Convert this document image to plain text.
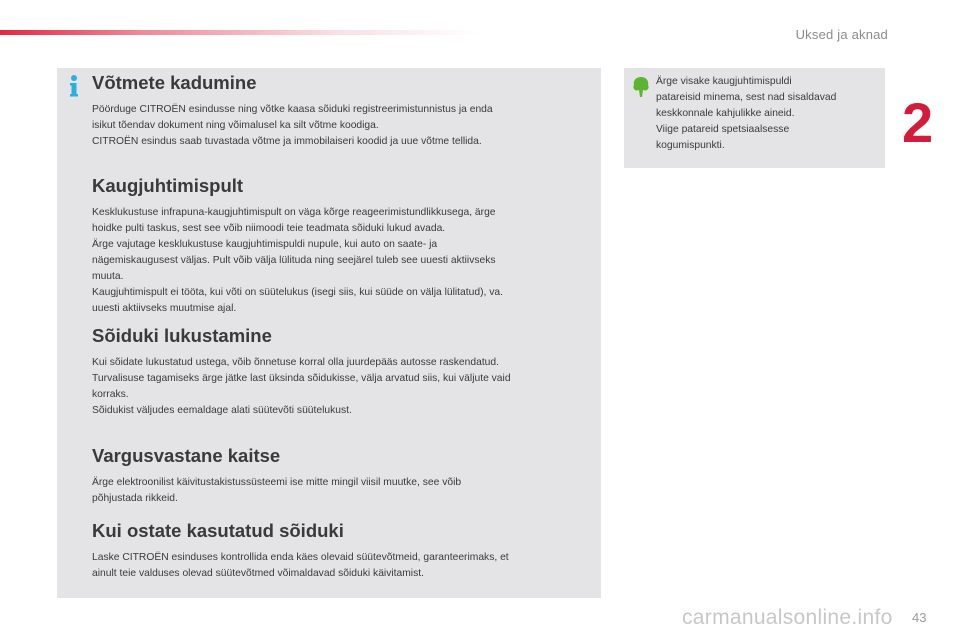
Uksed ja aknad
2
Võtmete kadumine

Pöörduge CITROËN esindusse ning võtke kaasa sõiduki registreerimistunnistus ja enda
isikut tõendav dokument ning võimalusel ka silt võtme koodiga.
CITROËN esindus saab tuvastada võtme ja immobilaiseri koodid ja uue võtme tellida.

Kaugjuhtimispult

Kesklukustuse infrapuna-kaugjuhtimispult on väga kõrge reageerimistundlikkusega, ärge
hoidke pulti taskus, sest see võib niimoodi teie teadmata sõiduki lukud avada.
Ärge vajutage kesklukustuse kaugjuhtimispuldi nupule, kui auto on saate- ja
nägemiskaugusest väljas. Pult võib välja lülituda ning seejärel tuleb see uuesti aktiivseks
muuta.
Kaugjuhtimispult ei tööta, kui võti on süütelukus (isegi siis, kui süüde on välja lülitatud), va.
uuesti aktiivseks muutmise ajal.

Sõiduki lukustamine

Kui sõidate lukustatud ustega, võib õnnetuse korral olla juurdepääs autosse raskendatud.
Turvalisuse tagamiseks ärge jätke last üksinda sõidukisse, välja arvatud siis, kui väljute vaid
korraks.
Sõidukist väljudes eemaldage alati süütevõti süütelukust.

Vargusvastane kaitse

Ärge elektroonilist käivitustakistussüsteemi ise mitte mingil viisil muutke, see võib
põhjustada rikkeid.

Kui ostate kasutatud sõiduki

Laske CITROËN esinduses kontrollida enda käes olevaid süütevõtmeid, garanteerimaks, et
ainult teie valduses olevad süütevõtmed võimaldavad sõiduki käivitamist.

Ärge visake kaugjuhtimispuldi
patareisid minema, sest nad sisaldavad
keskkonnale kahjulikke aineid.
Viige patareid spetsiaalsesse
kogumispunkti.
carmanualsonline.info 43
